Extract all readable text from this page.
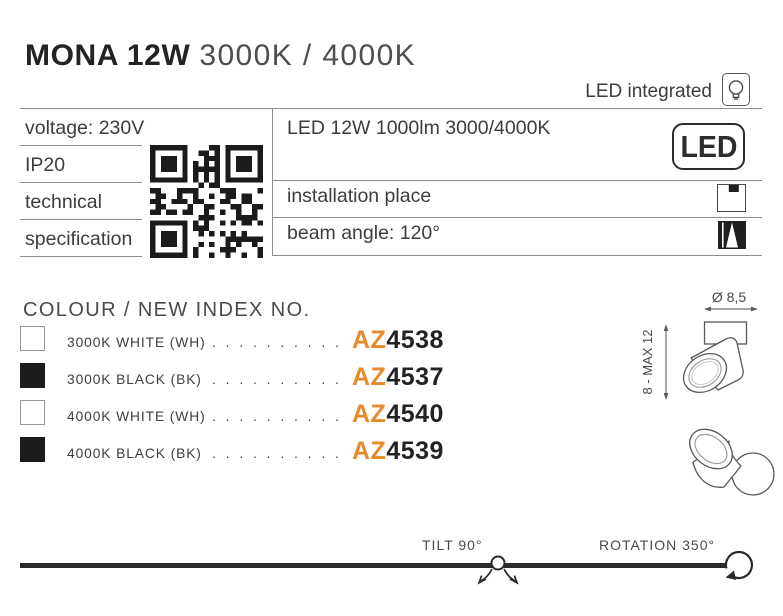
MONA 12W 3000K / 4000K
LED integrated
voltage: 230V
IP20
technical
specification
LED 12W 1000lm 3000/4000K
LED
installation place
beam angle: 120°
COLOUR / NEW INDEX NO.
3000K WHITE (WH) . . . . . . . . . . AZ4538
3000K BLACK (BK) . . . . . . . . . . AZ4537
4000K WHITE (WH) . . . . . . . . . . AZ4540
4000K BLACK (BK) . . . . . . . . . . AZ4539
Ø 8,5
8 - MAX 12
TILT 90°	ROTATION 350°
